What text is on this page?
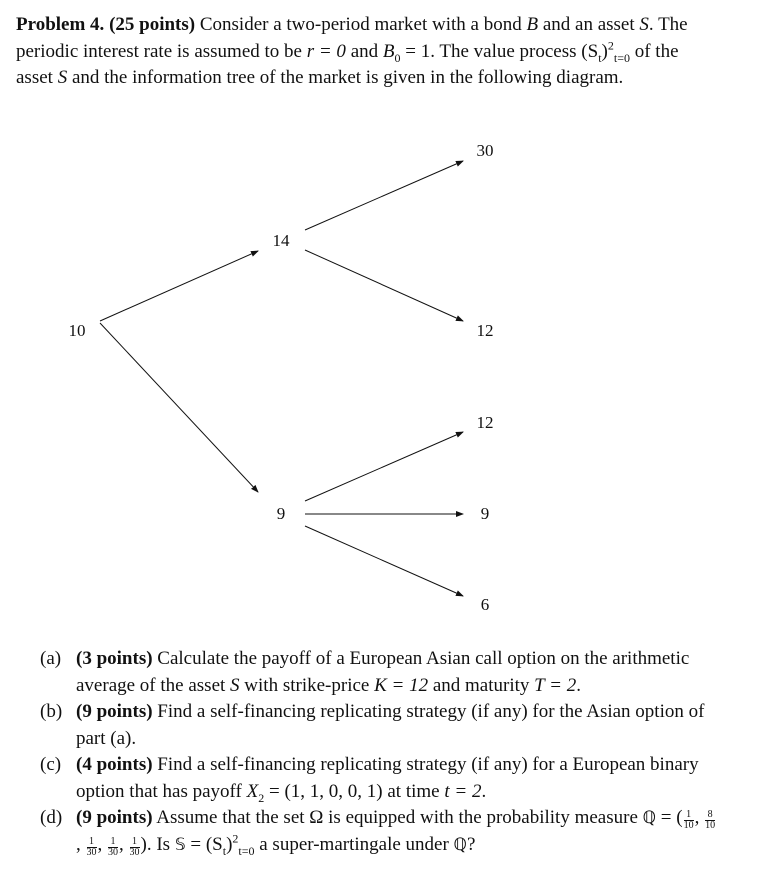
Problem 4. (25 points) Consider a two-period market with a bond B and an asset S. The periodic interest rate is assumed to be r = 0 and $B_0 = 1$. The value process $(S_t)^2_{t=0}$ of the asset S and the information tree of the market is given in the following diagram.
10
14
9
30
12
12
9
6
(a) (3 points) Calculate the payoff of a European Asian call option on the arithmetic average of the asset S with strike-price K = 12 and maturity T = 2.
(b) (9 points) Find a self-financing replicating strategy (if any) for the Asian option of part (a).
(c) (4 points) Find a self-financing replicating strategy (if any) for a European binary option that has payoff $X_2 = (1$, 1, 0, 0, 1) at time t = 2.
(d) (9 points) Assume that the set Ω is equipped with the probability measure ℚ = ( $\frac{1}{10}$ , $\frac{8}{10}$
, $\frac{1}{30}$ , $\frac{1}{30}$ , $\frac{1}{30}$ ). Is 𝕊 = $(S_t)^2_{t=0}$ a super-martingale under ℚ?
